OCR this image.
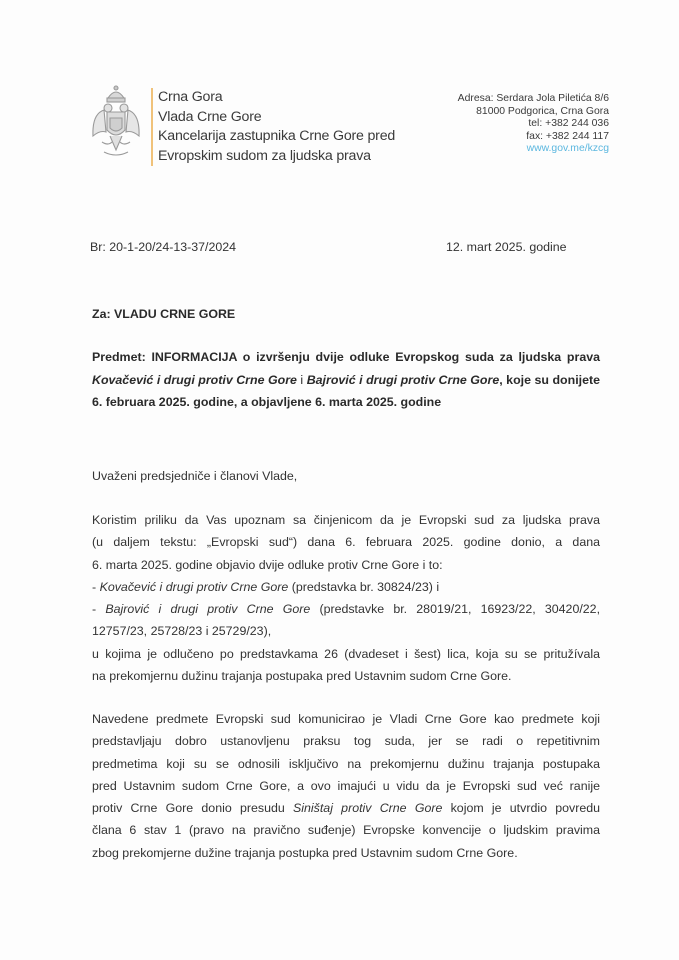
Crna Gora
Vlada Crne Gore
Kancelarija zastupnika Crne Gore pred
Evropskim sudom za ljudska prava
Adresa: Serdara Jola Piletića 8/6
81000 Podgorica, Crna Gora
tel: +382 244 036
fax: +382 244 117
www.gov.me/kzcg
Br: 20-1-20/24-13-37/2024	12. mart 2025. godine
Za: VLADU CRNE GORE
Predmet: INFORMACIJA o izvršenju dvije odluke Evropskog suda za ljudska prava Kovačević i drugi protiv Crne Gore i Bajrović i drugi protiv Crne Gore, koje su donijete 6. februara 2025. godine, a objavljene 6. marta 2025. godine
Uvaženi predsjedniče i članovi Vlade,
Koristim priliku da Vas upoznam sa činjenicom da je Evropski sud za ljudska prava
(u daljem tekstu: „Evropski sud“) dana 6. februara 2025. godine donio, a dana
6. marta 2025. godine objavio dvije odluke protiv Crne Gore i to:
- Kovačević i drugi protiv Crne Gore (predstavka br. 30824/23) i
- Bajrović i drugi protiv Crne Gore (predstavke br. 28019/21, 16923/22, 30420/22,
12757/23, 25728/23 i 25729/23),
u kojima je odlučeno po predstavkama 26 (dvadeset i šest) lica, koja su se pritužívala
na prekomjernu dužinu trajanja postupaka pred Ustavnim sudom Crne Gore.
Navedene predmete Evropski sud komunicirao je Vladi Crne Gore kao predmete koji
predstavljaju dobro ustanovljenu praksu tog suda, jer se radi o repetitivnim
predmetima koji su se odnosili isključivo na prekomjernu dužinu trajanja postupaka
pred Ustavnim sudom Crne Gore, a ovo imajući u vidu da je Evropski sud već ranije
protiv Crne Gore donio presudu Siništaj protiv Crne Gore kojom je utvrdio povredu
člana 6 stav 1 (pravo na pravično suđenje) Evropske konvencije o ljudskim pravima
zbog prekomjerne dužine trajanja postupka pred Ustavnim sudom Crne Gore.
